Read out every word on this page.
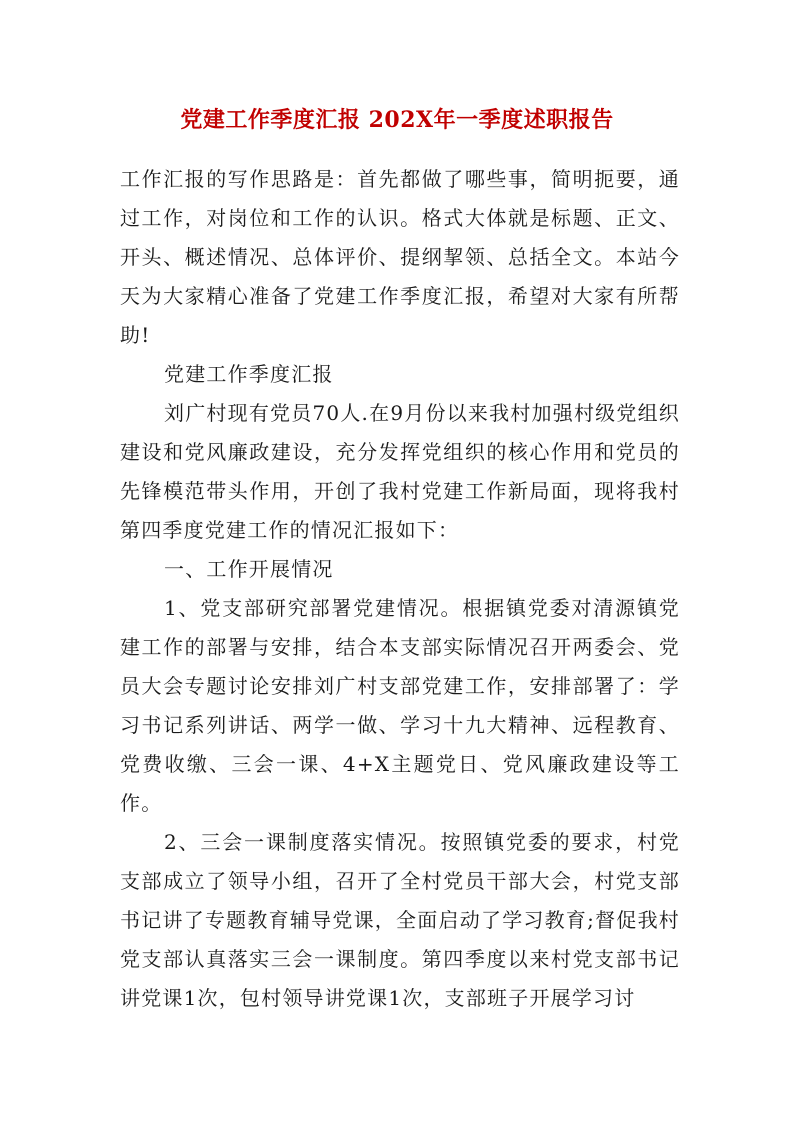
党建工作季度汇报 202X年一季度述职报告

工作汇报的写作思路是：首先都做了哪些事，简明扼要，通过工作，对岗位和工作的认识。格式大体就是标题、正文、开头、概述情况、总体评价、提纲挈领、总括全文。本站今天为大家精心准备了党建工作季度汇报，希望对大家有所帮助!

党建工作季度汇报

刘广村现有党员70人.在9月份以来我村加强村级党组织建设和党风廉政建设，充分发挥党组织的核心作用和党员的先锋模范带头作用，开创了我村党建工作新局面，现将我村第四季度党建工作的情况汇报如下：

一、工作开展情况

1、党支部研究部署党建情况。根据镇党委对清源镇党建工作的部署与安排，结合本支部实际情况召开两委会、党员大会专题讨论安排刘广村支部党建工作，安排部署了：学习书记系列讲话、两学一做、学习十九大精神、远程教育、党费收缴、三会一课、4+X主题党日、党风廉政建设等工作。

2、三会一课制度落实情况。按照镇党委的要求，村党支部成立了领导小组，召开了全村党员干部大会，村党支部书记讲了专题教育辅导党课，全面启动了学习教育;督促我村党支部认真落实三会一课制度。第四季度以来村党支部书记讲党课1次，包村领导讲党课1次，支部班子开展学习讨
